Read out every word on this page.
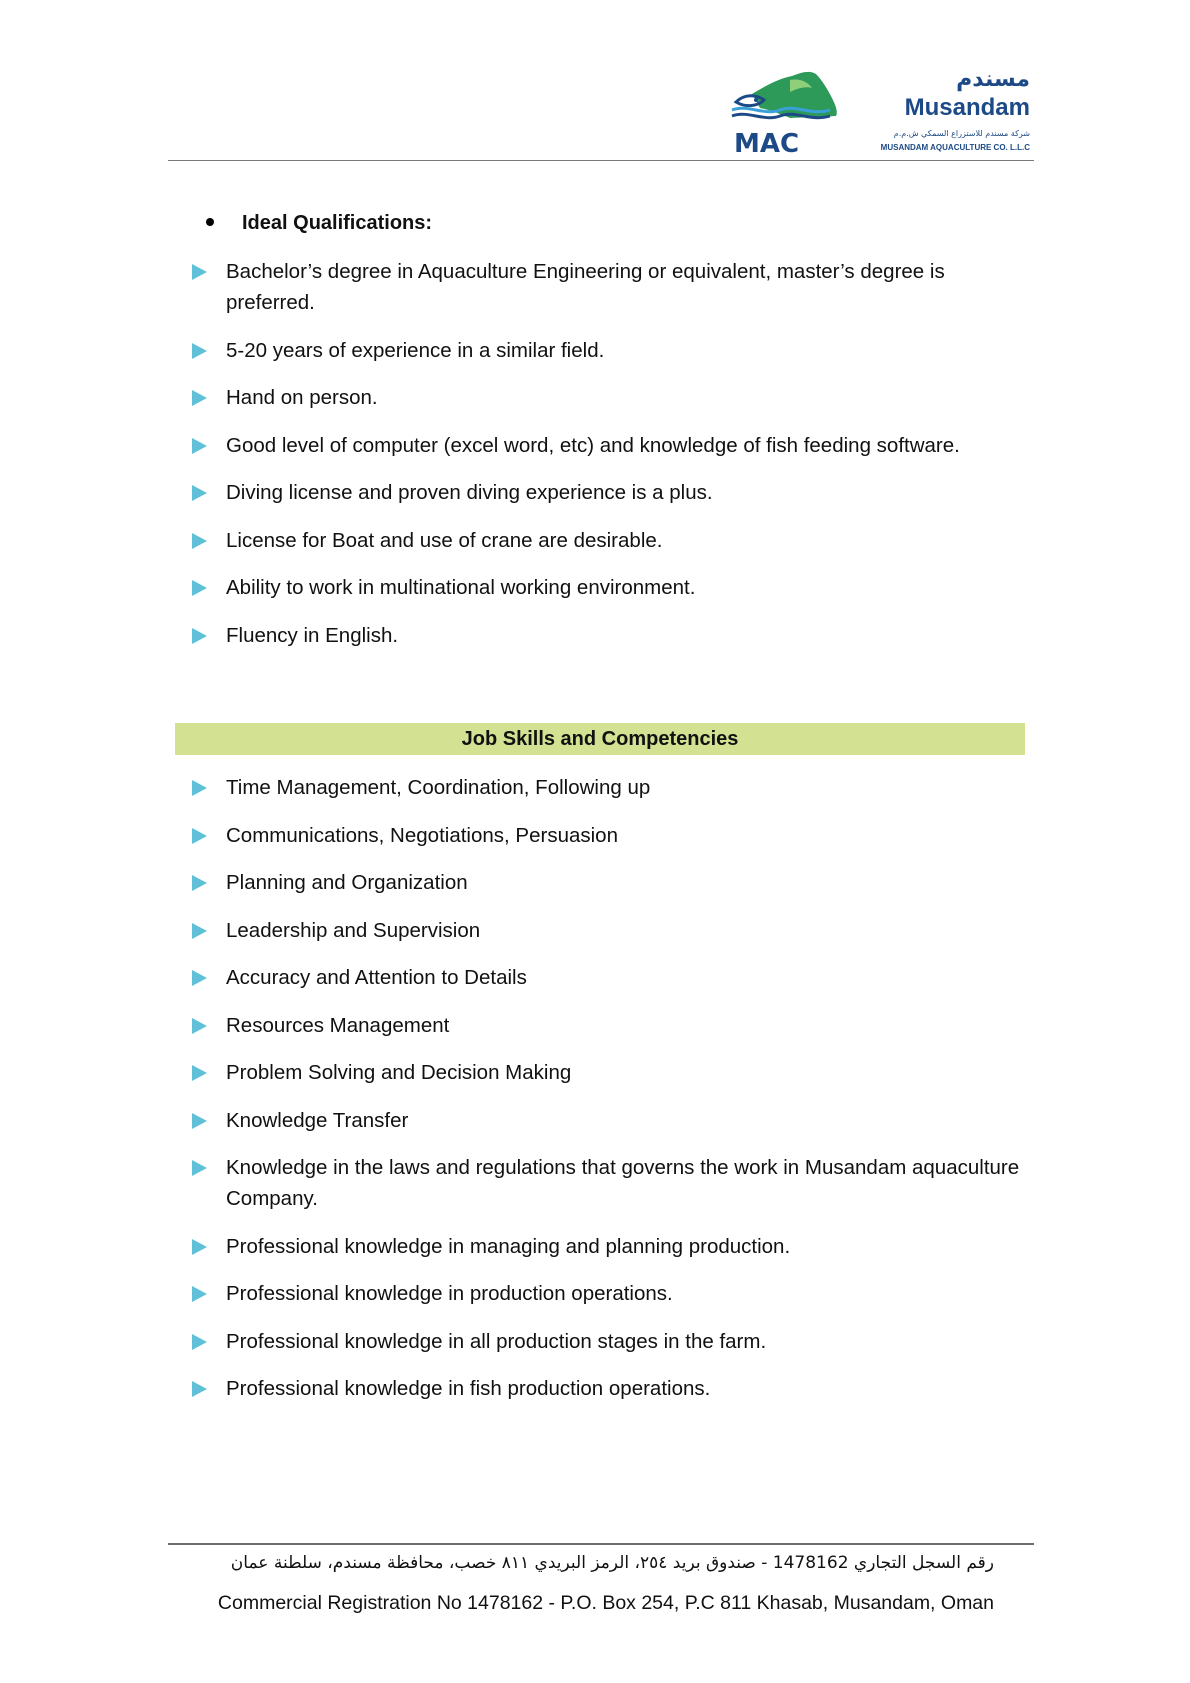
MAC
مسندم
Musandam
شركة مسندم للاستزراع السمكي ش.م.م
MUSANDAM AQUACULTURE CO. L.L.C
Ideal Qualifications:
Bachelor’s degree in Aquaculture Engineering or equivalent, master’s degree is preferred.
5-20 years of experience in a similar field.
Hand on person.
Good level of computer (excel word, etc) and knowledge of fish feeding software.
Diving license and proven diving experience is a plus.
License for Boat and use of crane are desirable.
Ability to work in multinational working environment.
Fluency in English.
Job Skills and Competencies
Time Management, Coordination, Following up
Communications, Negotiations, Persuasion
Planning and Organization
Leadership and Supervision
Accuracy and Attention to Details
Resources Management
Problem Solving and Decision Making
Knowledge Transfer
Knowledge in the laws and regulations that governs the work in Musandam aquaculture Company.
Professional knowledge in managing and planning production.
Professional knowledge in production operations.
Professional knowledge in all production stages in the farm.
Professional knowledge in fish production operations.
رقم السجل التجاري 1478162 - صندوق بريد ٢٥٤، الرمز البريدي ٨١١ خصب، محافظة مسندم، سلطنة عمان
Commercial Registration No 1478162 - P.O. Box 254, P.C 811 Khasab, Musandam, Oman
